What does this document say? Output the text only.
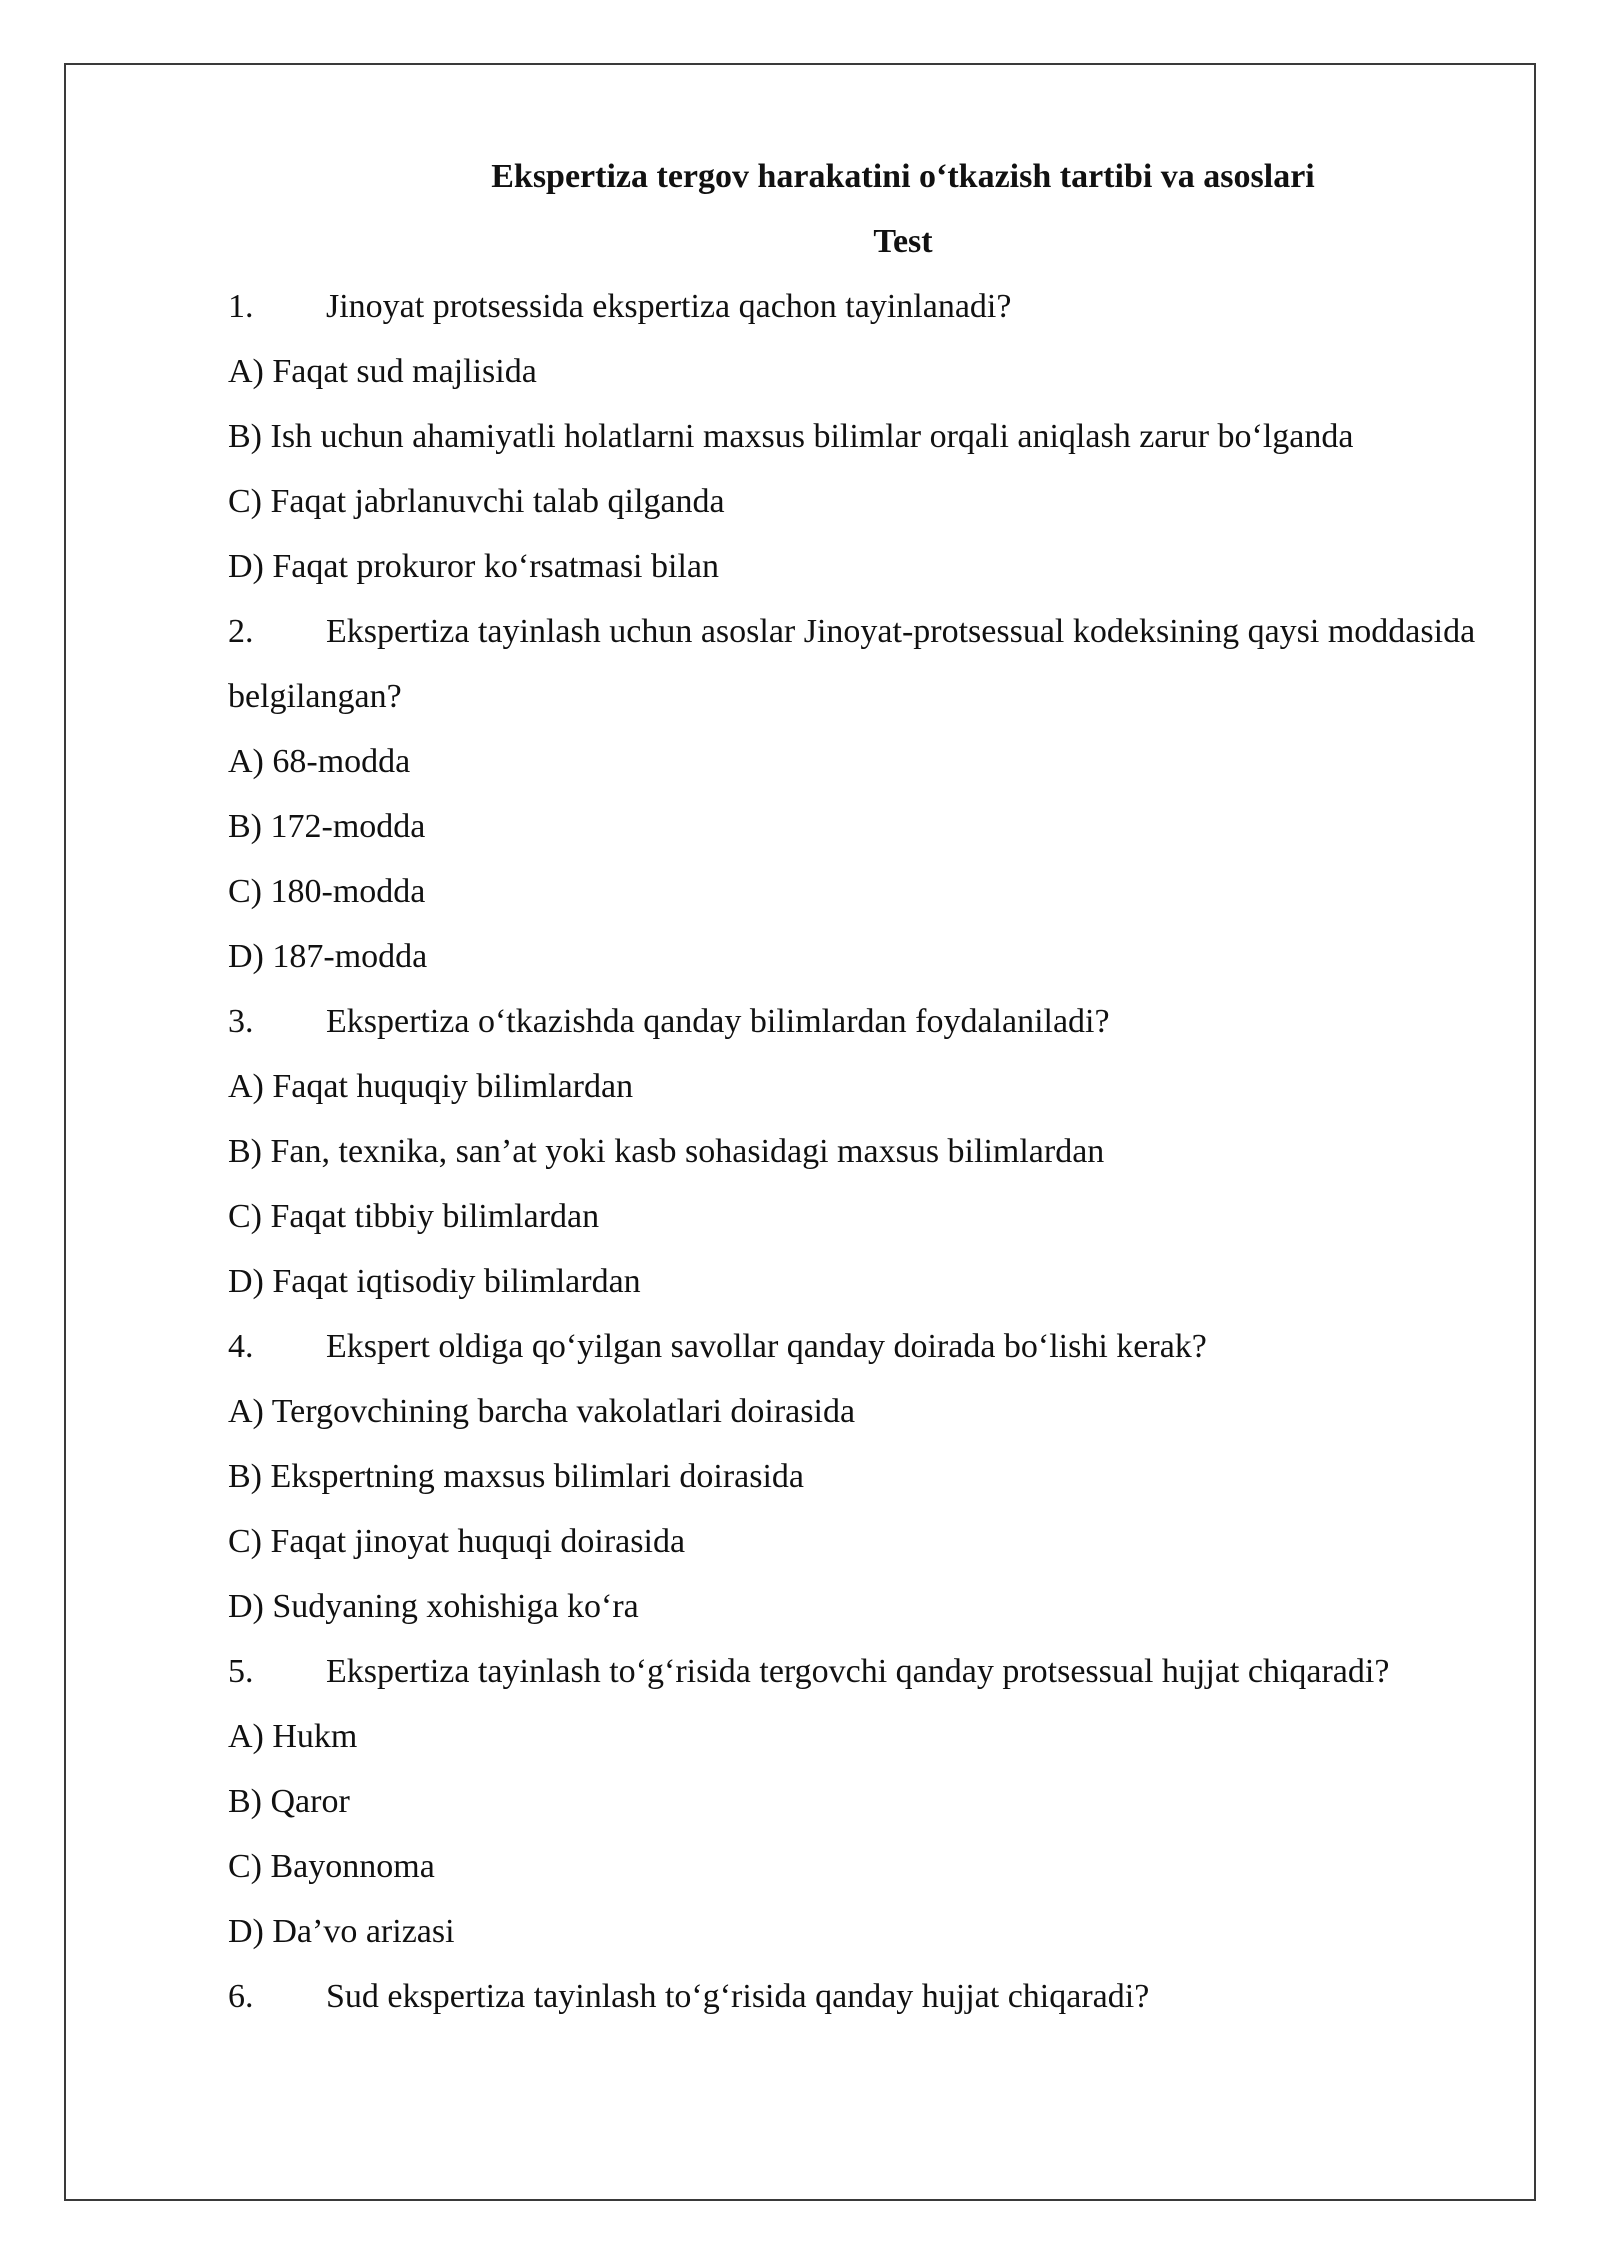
Ekspertiza tergov harakatini o‘tkazish tartibi va asoslari
Test
1. Jinoyat protsessida ekspertiza qachon tayinlanadi?
A) Faqat sud majlisida
B) Ish uchun ahamiyatli holatlarni maxsus bilimlar orqali aniqlash zarur bo‘lganda
C) Faqat jabrlanuvchi talab qilganda
D) Faqat prokuror ko‘rsatmasi bilan
2. Ekspertiza tayinlash uchun asoslar Jinoyat-protsessual kodeksining qaysi moddasida belgilangan?
A) 68-modda
B) 172-modda
C) 180-modda
D) 187-modda
3. Ekspertiza o‘tkazishda qanday bilimlardan foydalaniladi?
A) Faqat huquqiy bilimlardan
B) Fan, texnika, san’at yoki kasb sohasidagi maxsus bilimlardan
C) Faqat tibbiy bilimlardan
D) Faqat iqtisodiy bilimlardan
4. Ekspert oldiga qo‘yilgan savollar qanday doirada bo‘lishi kerak?
A) Tergovchining barcha vakolatlari doirasida
B) Ekspertning maxsus bilimlari doirasida
C) Faqat jinoyat huquqi doirasida
D) Sudyaning xohishiga ko‘ra
5. Ekspertiza tayinlash to‘g‘risida tergovchi qanday protsessual hujjat chiqaradi?
A) Hukm
B) Qaror
C) Bayonnoma
D) Da’vo arizasi
6. Sud ekspertiza tayinlash to‘g‘risida qanday hujjat chiqaradi?
